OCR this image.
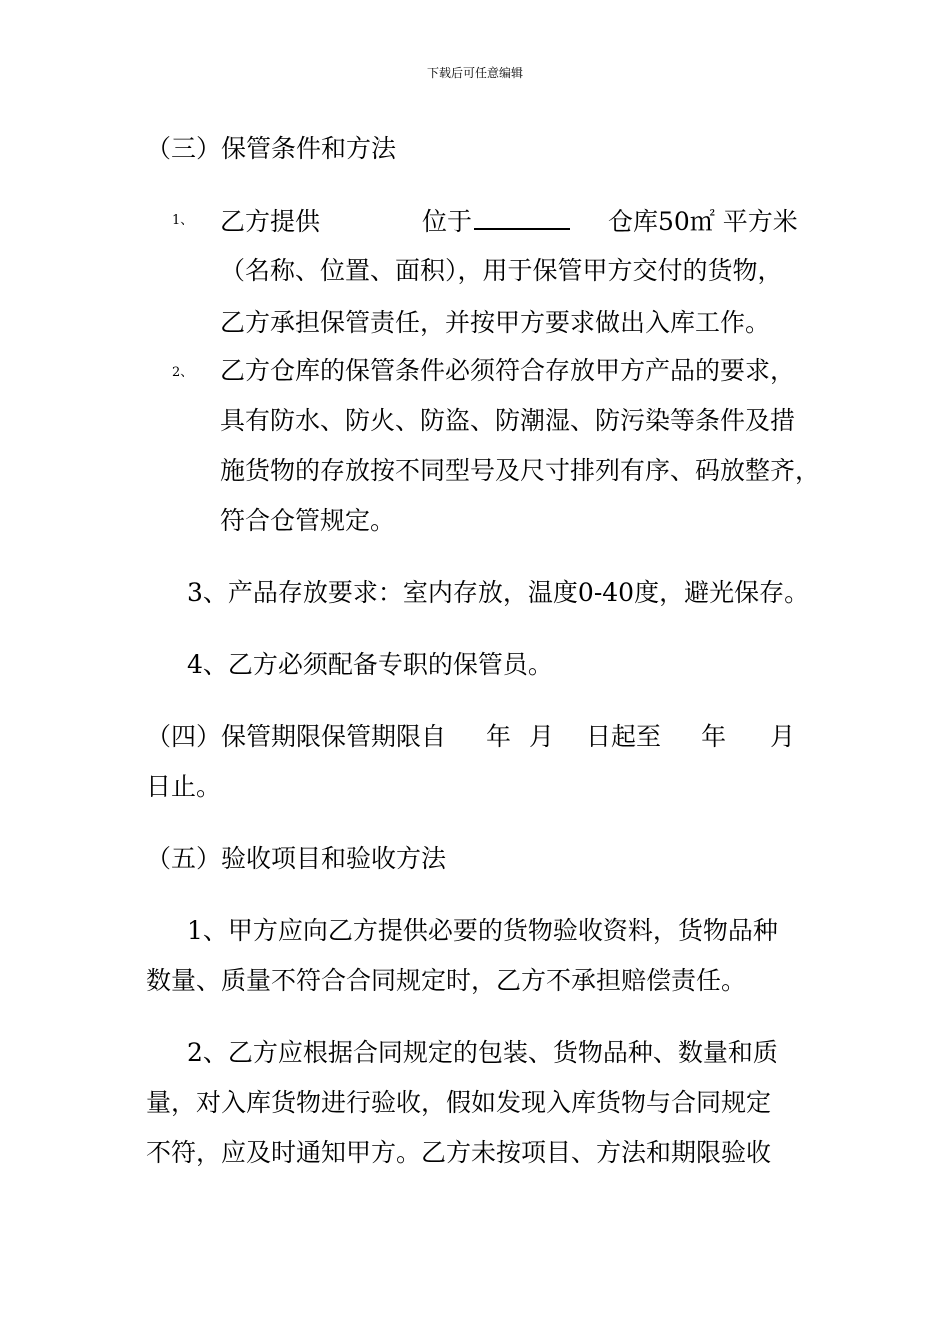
下载后可任意编辑
（三）保管条件和方法
1、 乙方提供	位于	仓库50㎡ 平方米
（名称、位置、面积），用于保管甲方交付的货物，
乙方承担保管责任，并按甲方要求做出入库工作。
2、 乙方仓库的保管条件必须符合存放甲方产品的要求，
具有防水、防火、防盗、防潮湿、防污染等条件及措
施货物的存放按不同型号及尺寸排列有序、码放整齐，
符合仓管规定。
3、产品存放要求：室内存放，温度0-40度，避光保存。
4、乙方必须配备专职的保管员。
（四）保管期限保管期限自 年 月 日起至 年 月
日止。
（五）验收项目和验收方法
1、甲方应向乙方提供必要的货物验收资料，货物品种
数量、质量不符合合同规定时，乙方不承担赔偿责任。
2、乙方应根据合同规定的包装、货物品种、数量和质
量，对入库货物进行验收，假如发现入库货物与合同规定
不符，应及时通知甲方。乙方未按项目、方法和期限验收
